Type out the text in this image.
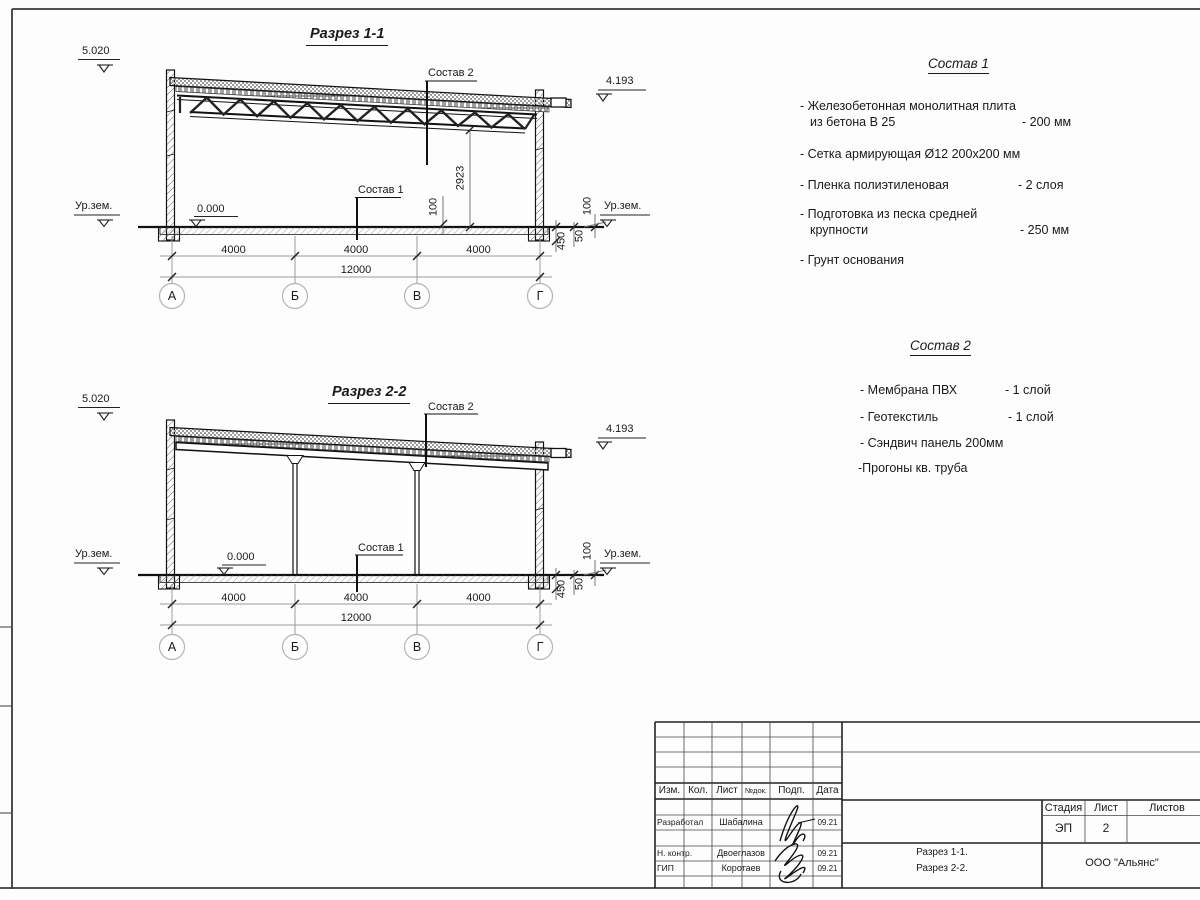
Разрез 1-1
5.020
4.193
Ур.зем.	Ур.зем.
0.000
Состав 2
Состав 1	2923
100	100
450 50
4000	4000	4000
12000
А	Б	В	Г
Разрез 2-2
5.020
4.193
Ур.зем.	Ур.зем.
0.000
Состав 2
Состав 1	100
450 50
4000	4000	4000
12000
А	Б	В	Г
Состав 1
- Железобетонная монолитная плита
из бетона В 25	- 200 мм
- Сетка армирующая Ø12 200х200 мм
- Пленка полиэтиленовая	- 2 слоя
- Подготовка из песка средней
крупности	- 250 мм
- Грунт основания
Состав 2
- Мембрана ПВХ	- 1 слой
- Геотекстиль	- 1 слой
- Сэндвич панель 200мм
-Прогоны кв. труба
Изм. Кол. Лист №док.	Подп.	Дата
Разработал	Шабалина	09.21
Н. контр.	Двоеглазов	09.21
ГИП	Коротаев	09.21
Стадия	Лист	Листов
ЭП	2
Разрез 1-1.
Разрез 2-2.	ООО "Альянс"
